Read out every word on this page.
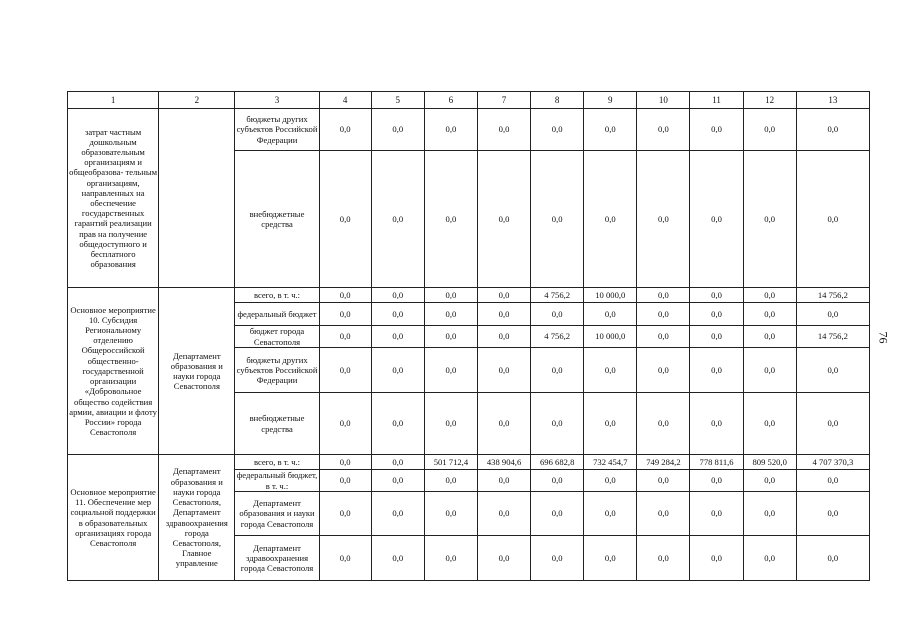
76
1	2	3	4	5	6	7	8	9	10	11	12	13
затрат частным дошкольным образовательным организациям и общеобразова- тельным организациям, направленных на обеспечение государственных гарантий реализации прав на получение общедоступного и бесплатного образования		бюджеты других субъектов Российской Федерации	0,0	0,0	0,0	0,0	0,0	0,0	0,0	0,0	0,0	0,0
		внебюджетные средства	0,0	0,0	0,0	0,0	0,0	0,0	0,0	0,0	0,0	0,0
Основное мероприятие 10. Субсидия Региональному отделению Общероссийской общественно- государственной организации «Добровольное общество содействия армии, авиации и флоту России» города Севастополя	Департамент образования и науки города Севастополя	всего, в т. ч.:	0,0	0,0	0,0	0,0	4 756,2	10 000,0	0,0	0,0	0,0	14 756,2
		федеральный бюджет	0,0	0,0	0,0	0,0	0,0	0,0	0,0	0,0	0,0	0,0
		бюджет города Севастополя	0,0	0,0	0,0	0,0	4 756,2	10 000,0	0,0	0,0	0,0	14 756,2
		бюджеты других субъектов Российской Федерации	0,0	0,0	0,0	0,0	0,0	0,0	0,0	0,0	0,0	0,0
		внебюджетные средства	0,0	0,0	0,0	0,0	0,0	0,0	0,0	0,0	0,0	0,0
Основное мероприятие 11. Обеспечение мер социальной поддержки в образовательных организациях города Севастополя	Департамент образования и науки города Севастополя, Департамент здравоохранения города Севастополя, Главное управление	всего, в т. ч.:	0,0	0,0	501 712,4	438 904,6	696 682,8	732 454,7	749 284,2	778 811,6	809 520,0	4 707 370,3
		федеральный бюджет, в т. ч.:	0,0	0,0	0,0	0,0	0,0	0,0	0,0	0,0	0,0	0,0
		Департамент образования и науки города Севастополя	0,0	0,0	0,0	0,0	0,0	0,0	0,0	0,0	0,0	0,0
		Департамент здравоохранения города Севастополя	0,0	0,0	0,0	0,0	0,0	0,0	0,0	0,0	0,0	0,0
